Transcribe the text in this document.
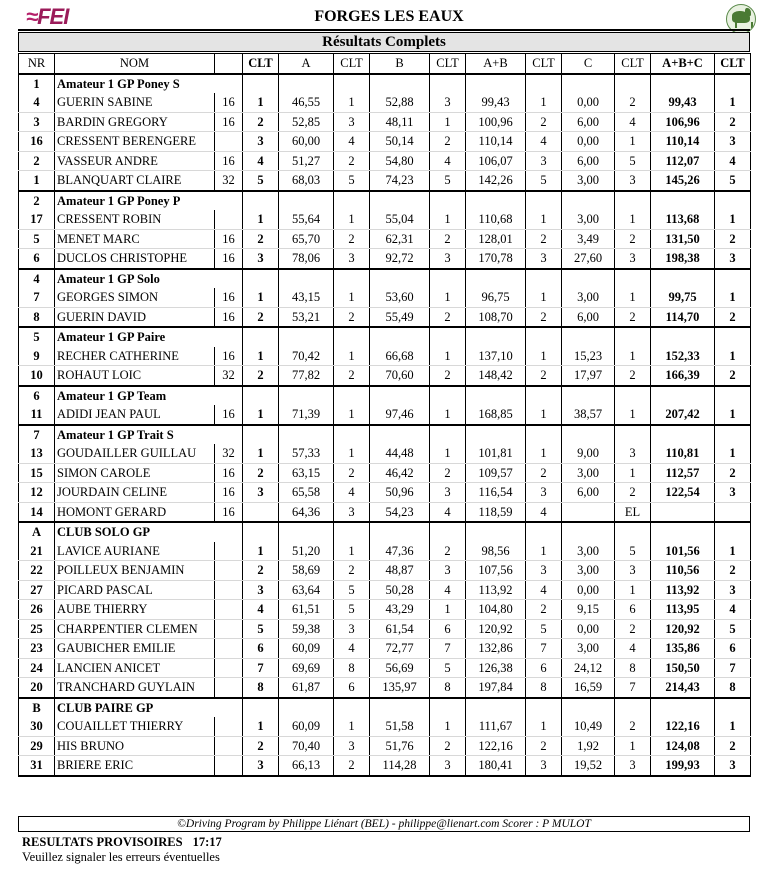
≈FEI	FORGES LES EAUX
Résultats Complets
NR	NOM		CLT	A	CLT	B	CLT	A+B	CLT	C	CLT	A+B+C	CLT
1	Amateur 1 GP Poney S												
4	GUERIN SABINE	16	1	46,55	1	52,88	3	99,43	1	0,00	2	99,43	1
3	BARDIN GREGORY	16	2	52,85	3	48,11	1	100,96	2	6,00	4	106,96	2
16	CRESSENT BERENGERE		3	60,00	4	50,14	2	110,14	4	0,00	1	110,14	3
2	VASSEUR ANDRE	16	4	51,27	2	54,80	4	106,07	3	6,00	5	112,07	4
1	BLANQUART CLAIRE	32	5	68,03	5	74,23	5	142,26	5	3,00	3	145,26	5
2	Amateur 1 GP Poney P												
17	CRESSENT ROBIN		1	55,64	1	55,04	1	110,68	1	3,00	1	113,68	1
5	MENET MARC	16	2	65,70	2	62,31	2	128,01	2	3,49	2	131,50	2
6	DUCLOS CHRISTOPHE	16	3	78,06	3	92,72	3	170,78	3	27,60	3	198,38	3
4	Amateur 1 GP Solo												
7	GEORGES SIMON	16	1	43,15	1	53,60	1	96,75	1	3,00	1	99,75	1
8	GUERIN DAVID	16	2	53,21	2	55,49	2	108,70	2	6,00	2	114,70	2
5	Amateur 1 GP Paire												
9	RECHER CATHERINE	16	1	70,42	1	66,68	1	137,10	1	15,23	1	152,33	1
10	ROHAUT LOIC	32	2	77,82	2	70,60	2	148,42	2	17,97	2	166,39	2
6	Amateur 1 GP Team												
11	ADIDI JEAN PAUL	16	1	71,39	1	97,46	1	168,85	1	38,57	1	207,42	1
7	Amateur 1 GP Trait S												
13	GOUDAILLER GUILLAU	32	1	57,33	1	44,48	1	101,81	1	9,00	3	110,81	1
15	SIMON CAROLE	16	2	63,15	2	46,42	2	109,57	2	3,00	1	112,57	2
12	JOURDAIN CELINE	16	3	65,58	4	50,96	3	116,54	3	6,00	2	122,54	3
14	HOMONT GERARD	16		64,36	3	54,23	4	118,59	4		EL		
A	CLUB SOLO GP												
21	LAVICE AURIANE		1	51,20	1	47,36	2	98,56	1	3,00	5	101,56	1
22	POILLEUX BENJAMIN		2	58,69	2	48,87	3	107,56	3	3,00	3	110,56	2
27	PICARD PASCAL		3	63,64	5	50,28	4	113,92	4	0,00	1	113,92	3
26	AUBE THIERRY		4	61,51	5	43,29	1	104,80	2	9,15	6	113,95	4
25	CHARPENTIER CLEMEN		5	59,38	3	61,54	6	120,92	5	0,00	2	120,92	5
23	GAUBICHER EMILIE		6	60,09	4	72,77	7	132,86	7	3,00	4	135,86	6
24	LANCIEN ANICET		7	69,69	8	56,69	5	126,38	6	24,12	8	150,50	7
20	TRANCHARD GUYLAIN		8	61,87	6	135,97	8	197,84	8	16,59	7	214,43	8
B	CLUB PAIRE GP												
30	COUAILLET THIERRY		1	60,09	1	51,58	1	111,67	1	10,49	2	122,16	1
29	HIS BRUNO		2	70,40	3	51,76	2	122,16	2	1,92	1	124,08	2
31	BRIERE ERIC		3	66,13	2	114,28	3	180,41	3	19,52	3	199,93	3
©Driving Program by Philippe Liénart (BEL) - philippe@lienart.com Scorer : P MULOT
RESULTATS PROVISOIRES 17:17
Veuillez signaler les erreurs éventuelles
